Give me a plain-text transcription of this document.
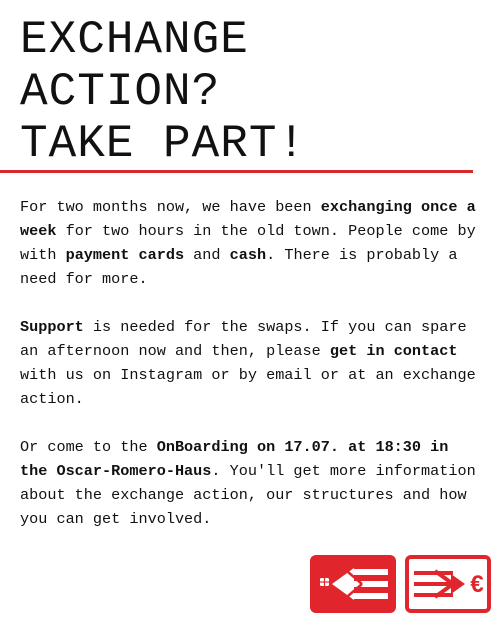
EXCHANGE
ACTION?
TAKE PART!

For two months now, we have been exchanging once a week for two hours in the old town. People come by with payment cards and cash. There is probably a need for more.

Support is needed for the swaps. If you can spare an afternoon now and then, please get in contact with us on Instagram or by email or at an exchange action.

Or come to the OnBoarding on 17.07. at 18:30 in the Oscar-Romero-Haus. You'll get more information about the exchange action, our structures and how you can get involved.

€
